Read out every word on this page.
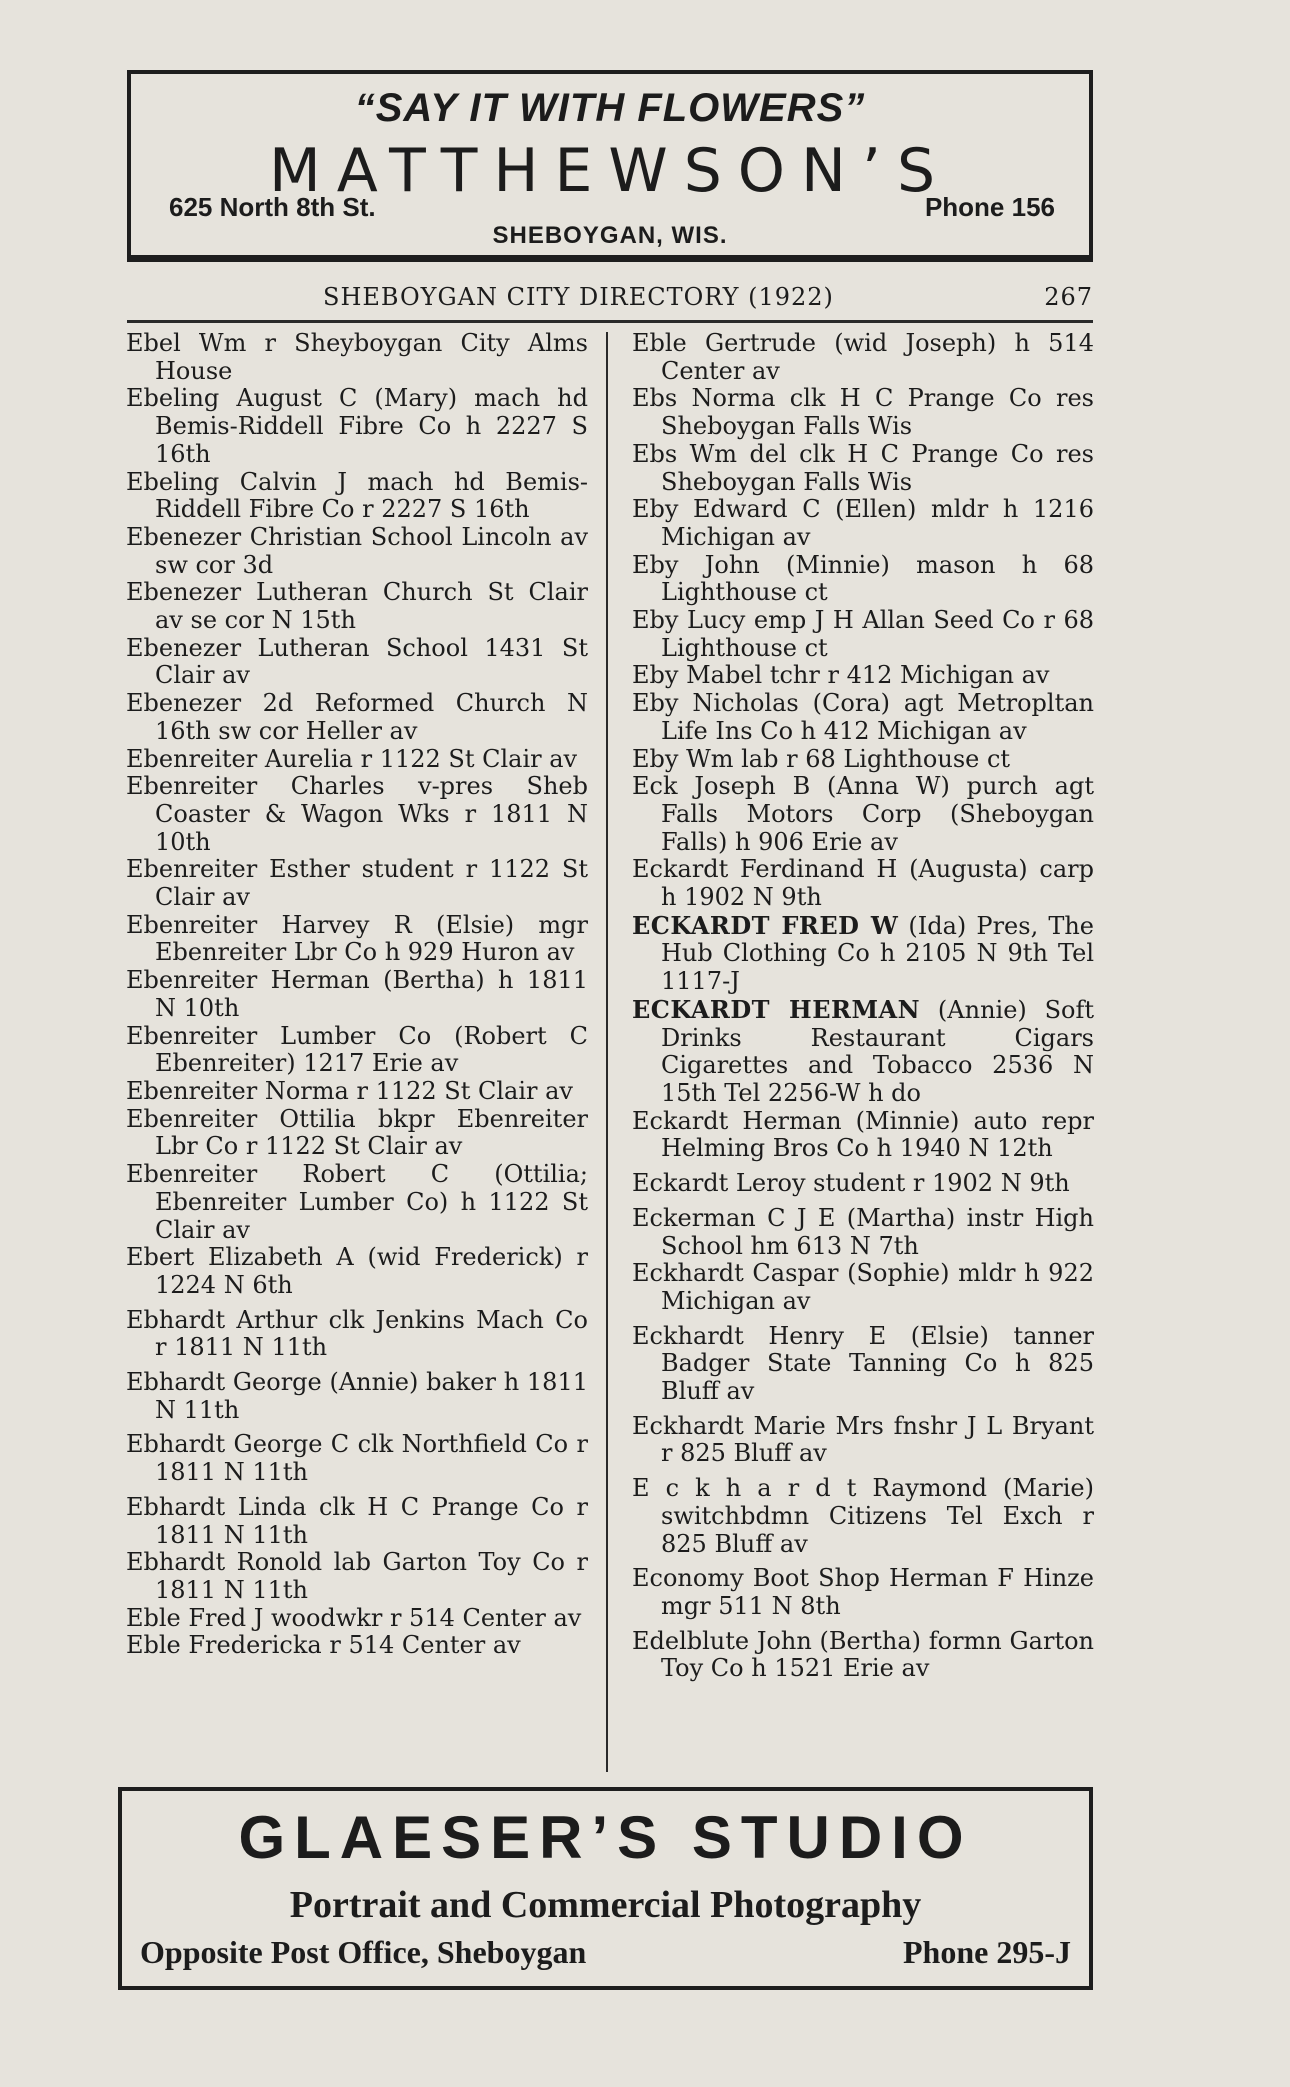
“SAY IT WITH FLOWERS”
MATTHEWSON’S
625 North 8th St.	Phone 156
SHEBOYGAN, WIS.
SHEBOYGAN CITY DIRECTORY (1922)	267

Ebel Wm r Sheyboygan City Alms House

Ebeling August C (Mary) mach hd Bemis-Riddell Fibre Co h 2227 S 16th

Ebeling Calvin J mach hd Bemis-Riddell Fibre Co r 2227 S 16th

Ebenezer Christian School Lincoln av sw cor 3d

Ebenezer Lutheran Church St Clair av se cor N 15th

Ebenezer Lutheran School 1431 St Clair av

Ebenezer 2d Reformed Church N 16th sw cor Heller av

Ebenreiter Aurelia r 1122 St Clair av

Ebenreiter Charles v-pres Sheb Coaster & Wagon Wks r 1811 N 10th

Ebenreiter Esther student r 1122 St Clair av

Ebenreiter Harvey R (Elsie) mgr Ebenreiter Lbr Co h 929 Huron av

Ebenreiter Herman (Bertha) h 1811 N 10th

Ebenreiter Lumber Co (Robert C Ebenreiter) 1217 Erie av

Ebenreiter Norma r 1122 St Clair av

Ebenreiter Ottilia bkpr Ebenreiter Lbr Co r 1122 St Clair av

Ebenreiter Robert C (Ottilia; Ebenreiter Lumber Co) h 1122 St Clair av

Ebert Elizabeth A (wid Frederick) r 1224 N 6th

Ebhardt Arthur clk Jenkins Mach Co r 1811 N 11th

Ebhardt George (Annie) baker h 1811 N 11th

Ebhardt George C clk Northfield Co r 1811 N 11th

Ebhardt Linda clk H C Prange Co r 1811 N 11th

Ebhardt Ronold lab Garton Toy Co r 1811 N 11th

Eble Fred J woodwkr r 514 Center av

Eble Fredericka r 514 Center av

Eble Gertrude (wid Joseph) h 514 Center av

Ebs Norma clk H C Prange Co res Sheboygan Falls Wis

Ebs Wm del clk H C Prange Co res Sheboygan Falls Wis

Eby Edward C (Ellen) mldr h 1216 Michigan av

Eby John (Minnie) mason h 68 Lighthouse ct

Eby Lucy emp J H Allan Seed Co r 68 Lighthouse ct

Eby Mabel tchr r 412 Michigan av

Eby Nicholas (Cora) agt Metropltan Life Ins Co h 412 Michigan av

Eby Wm lab r 68 Lighthouse ct

Eck Joseph B (Anna W) purch agt Falls Motors Corp (Sheboygan Falls) h 906 Erie av

Eckardt Ferdinand H (Augusta) carp h 1902 N 9th

ECKARDT FRED W (Ida) Pres, The Hub Clothing Co h 2105 N 9th Tel 1117-J

ECKARDT HERMAN (Annie) Soft Drinks Restaurant Cigars Cigarettes and Tobacco 2536 N 15th Tel 2256-W h do

Eckardt Herman (Minnie) auto repr Helming Bros Co h 1940 N 12th

Eckardt Leroy student r 1902 N 9th

Eckerman C J E (Martha) instr High School hm 613 N 7th

Eckhardt Caspar (Sophie) mldr h 922 Michigan av

Eckhardt Henry E (Elsie) tanner Badger State Tanning Co h 825 Bluff av

Eckhardt Marie Mrs fnshr J L Bryant r 825 Bluff av

E c k h a r d t Raymond (Marie) switchbdmn Citizens Tel Exch r 825 Bluff av

Economy Boot Shop Herman F Hinze mgr 511 N 8th

Edelblute John (Bertha) formn Garton Toy Co h 1521 Erie av

GLAESER’S STUDIO
Portrait and Commercial Photography
Opposite Post Office, Sheboygan	Phone 295-J
